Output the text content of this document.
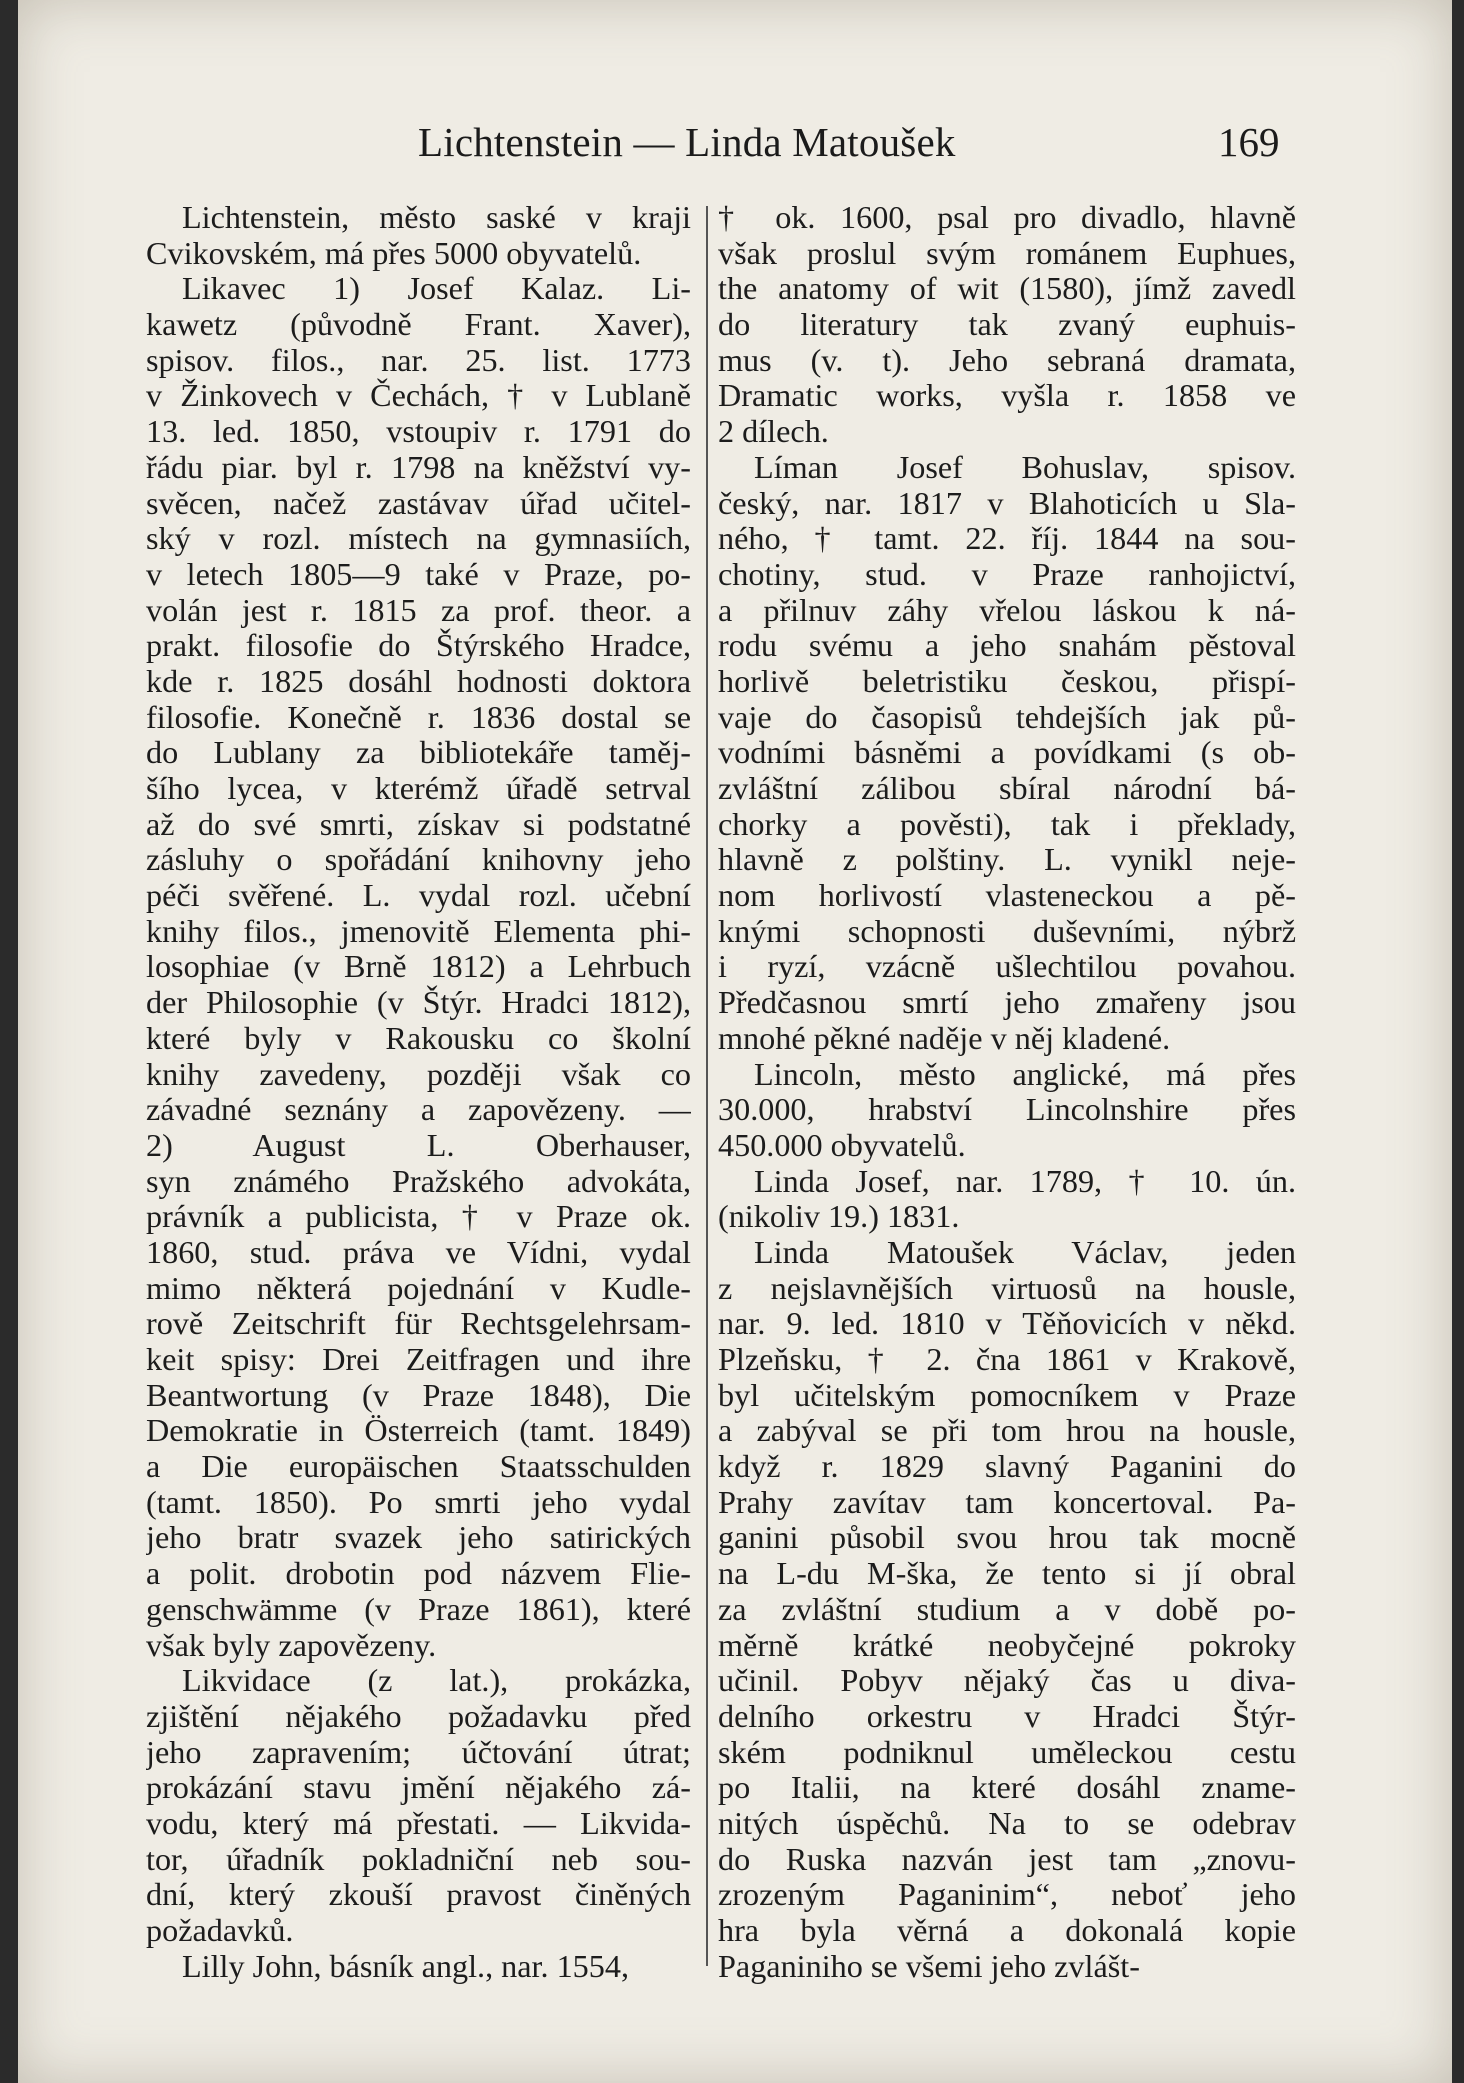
Lichtenstein — Linda Matoušek	169
Lichtenstein, město saské v kraji
Cvikovském, má přes 5000 obyvatelů.
Likavec 1) Josef Kalaz. Li-
kawetz (původně Frant. Xaver),
spisov. filos., nar. 25. list. 1773
v Žinkovech v Čechách, † v Lublaně
13. led. 1850, vstoupiv r. 1791 do
řádu piar. byl r. 1798 na kněžství vy-
svěcen, načež zastávav úřad učitel-
ský v rozl. místech na gymnasiích,
v letech 1805—9 také v Praze, po-
volán jest r. 1815 za prof. theor. a
prakt. filosofie do Štýrského Hradce,
kde r. 1825 dosáhl hodnosti doktora
filosofie. Konečně r. 1836 dostal se
do Lublany za bibliotekáře taměj-
šího lycea, v kterémž úřadě setrval
až do své smrti, získav si podstatné
zásluhy o spořádání knihovny jeho
péči svěřené. L. vydal rozl. učební
knihy filos., jmenovitě Elementa phi-
losophiae (v Brně 1812) a Lehrbuch
der Philosophie (v Štýr. Hradci 1812),
které byly v Rakousku co školní
knihy zavedeny, později však co
závadné seznány a zapovězeny. —
2) August L. Oberhauser,
syn známého Pražského advokáta,
právník a publicista, † v Praze ok.
1860, stud. práva ve Vídni, vydal
mimo některá pojednání v Kudle-
rově Zeitschrift für Rechtsgelehrsam-
keit spisy: Drei Zeitfragen und ihre
Beantwortung (v Praze 1848), Die
Demokratie in Österreich (tamt. 1849)
a Die europäischen Staatsschulden
(tamt. 1850). Po smrti jeho vydal
jeho bratr svazek jeho satirických
a polit. drobotin pod názvem Flie-
genschwämme (v Praze 1861), které
však byly zapovězeny.
Likvidace (z lat.), prokázka,
zjištění nějakého požadavku před
jeho zapravením; účtování útrat;
prokázání stavu jmění nějakého zá-
vodu, který má přestati. — Likvida-
tor, úřadník pokladniční neb sou-
dní, který zkouší pravost činěných
požadavků.
Lilly John, básník angl., nar. 1554,
† ok. 1600, psal pro divadlo, hlavně
však proslul svým románem Euphues,
the anatomy of wit (1580), jímž zavedl
do literatury tak zvaný euphuis-
mus (v. t). Jeho sebraná dramata,
Dramatic works, vyšla r. 1858 ve
2 dílech.
Líman Josef Bohuslav, spisov.
český, nar. 1817 v Blahoticích u Sla-
ného, † tamt. 22. říj. 1844 na sou-
chotiny, stud. v Praze ranhojictví,
a přilnuv záhy vřelou láskou k ná-
rodu svému a jeho snahám pěstoval
horlivě beletristiku českou, přispí-
vaje do časopisů tehdejších jak pů-
vodními básněmi a povídkami (s ob-
zvláštní zálibou sbíral národní bá-
chorky a pověsti), tak i překlady,
hlavně z polštiny. L. vynikl neje-
nom horlivostí vlasteneckou a pě-
knými schopnosti duševními, nýbrž
i ryzí, vzácně ušlechtilou povahou.
Předčasnou smrtí jeho zmařeny jsou
mnohé pěkné naděje v něj kladené.
Lincoln, město anglické, má přes
30.000, hrabství Lincolnshire přes
450.000 obyvatelů.
Linda Josef, nar. 1789, † 10. ún.
(nikoliv 19.) 1831.
Linda Matoušek Václav, jeden
z nejslavnějších virtuosů na housle,
nar. 9. led. 1810 v Těňovicích v někd.
Plzeňsku, † 2. čna 1861 v Krakově,
byl učitelským pomocníkem v Praze
a zabýval se při tom hrou na housle,
když r. 1829 slavný Paganini do
Prahy zavítav tam koncertoval. Pa-
ganini působil svou hrou tak mocně
na L-du M-ška, že tento si jí obral
za zvláštní studium a v době po-
měrně krátké neobyčejné pokroky
učinil. Pobyv nějaký čas u diva-
delního orkestru v Hradci Štýr-
ském podniknul uměleckou cestu
po Italii, na které dosáhl zname-
nitých úspěchů. Na to se odebrav
do Ruska nazván jest tam „znovu-
zrozeným Paganinim“, neboť jeho
hra byla věrná a dokonalá kopie
Paganiniho se všemi jeho zvlášt-
